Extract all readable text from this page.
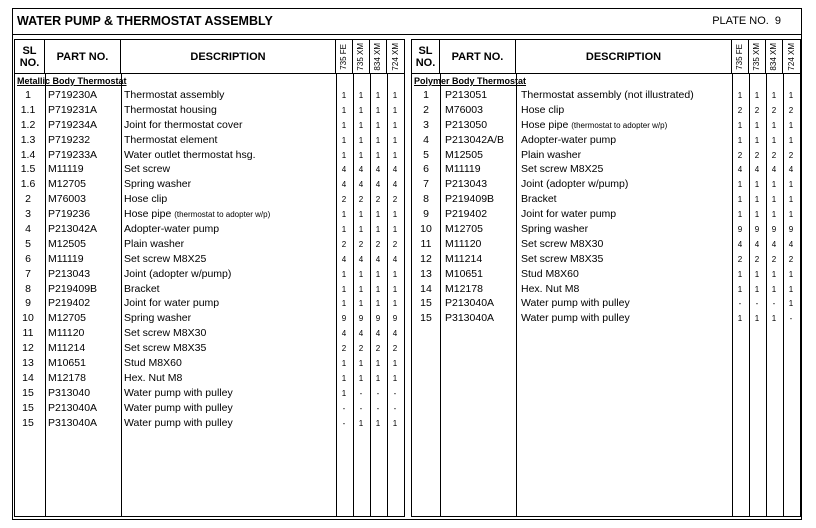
WATER PUMP & THERMOSTAT ASSEMBLY	PLATE NO. 9
SL NO.	PART NO.	DESCRIPTION	735 FE 735 XM 834 XM 724 XM
Metallic Body Thermostat
1	P719230A	Thermostat assembly	1	1	1	1
1.1	P719231A	Thermostat housing	1	1	1	1
1.2	P719234A	Joint for thermostat cover	1	1	1	1
1.3	P719232	Thermostat element	1	1	1	1
1.4	P719233A	Water outlet thermostat hsg.	1	1	1	1
1.5	M11119	Set screw	4	4	4	4
1.6	M12705	Spring washer	4	4	4	4
2	M76003	Hose clip	2	2	2	2
3	P719236	Hose pipe (thermostat to adopter w/p)	1	1	1	1
4	P213042A	Adopter-water pump	1	1	1	1
5	M12505	Plain washer	2	2	2	2
6	M11119	Set screw M8X25	4	4	4	4
7	P213043	Joint (adopter w/pump)	1	1	1	1
8	P219409B	Bracket	1	1	1	1
9	P219402	Joint for water pump	1	1	1	1
10	M12705	Spring washer	9	9	9	9
11	M11120	Set screw M8X30	4	4	4	4
12	M11214	Set screw M8X35	2	2	2	2
13	M10651	Stud M8X60	1	1	1	1
14	M12178	Hex. Nut M8	1	1	1	1
15	P313040	Water pump with pulley	1	-	-	-
15	P213040A	Water pump with pulley	-	-	-	-
15	P313040A	Water pump with pulley	-	1	1	1
SL NO.	PART NO.	DESCRIPTION	735 FE 735 XM 834 XM 724 XM
Polymer Body Thermostat
1	P213051	Thermostat assembly (not illustrated)	1	1	1	1
2	M76003	Hose clip	2	2	2	2
3	P213050	Hose pipe (thermostat to adopter w/p)	1	1	1	1
4	P213042A/B Adopter-water pump	1	1	1	1
5	M12505	Plain washer	2	2	2	2
6	M11119	Set screw M8X25	4	4	4	4
7	P213043	Joint (adopter w/pump)	1	1	1	1
8	P219409B	Bracket	1	1	1	1
9	P219402	Joint for water pump	1	1	1	1
10	M12705	Spring washer	9	9	9	9
11	M11120	Set screw M8X30	4	4	4	4
12	M11214	Set screw M8X35	2	2	2	2
13	M10651	Stud M8X60	1	1	1	1
14	M12178	Hex. Nut M8	1	1	1	1
15	P213040A	Water pump with pulley	-	-	-	1
15	P313040A	Water pump with pulley	1	1	1	-
